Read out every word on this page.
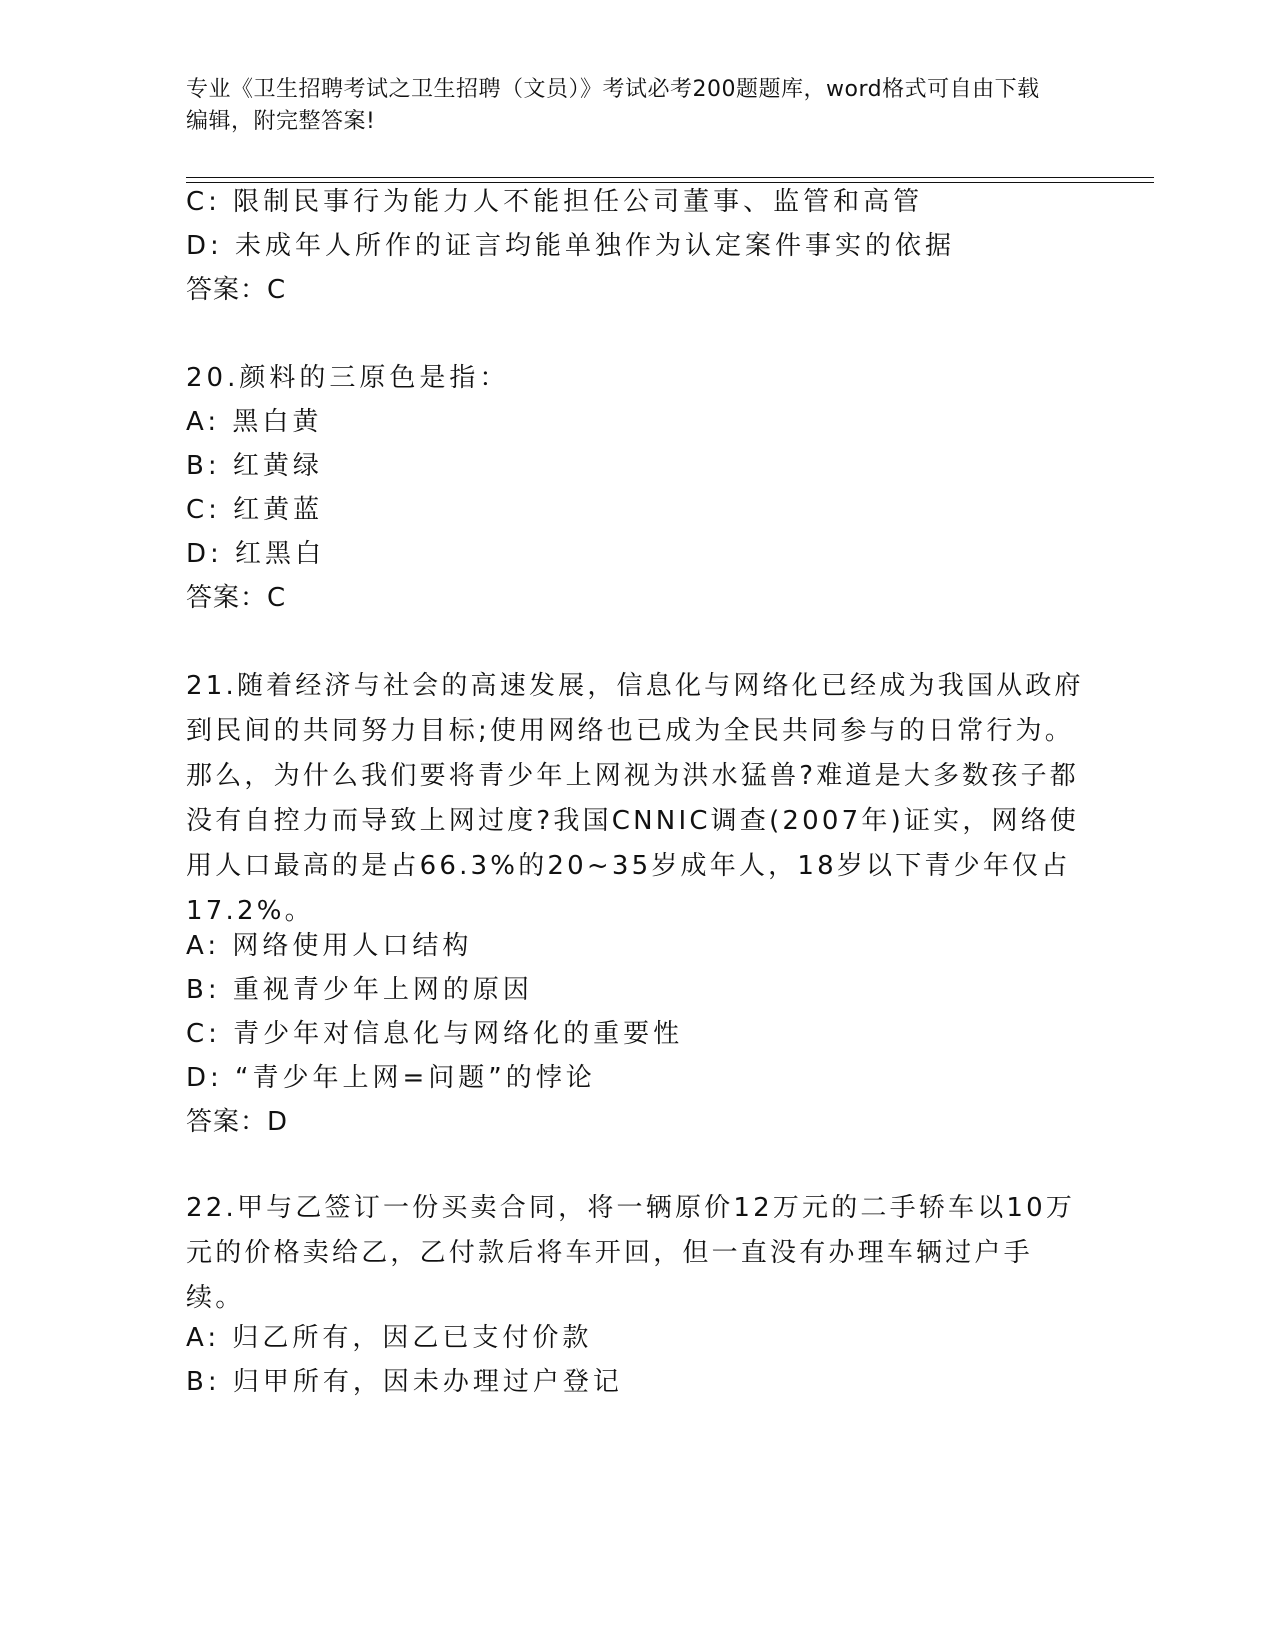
专业《卫生招聘考试之卫生招聘（文员）》考试必考200题题库，word格式可自由下载编辑，附完整答案!
C: 限制民事行为能力人不能担任公司董事、监管和高管
D: 未成年人所作的证言均能单独作为认定案件事实的依据
答案：C
20.颜料的三原色是指：
A: 黑白黄
B: 红黄绿
C: 红黄蓝
D: 红黑白
答案：C
21.随着经济与社会的高速发展，信息化与网络化已经成为我国从政府到民间的共同努力目标;使用网络也已成为全民共同参与的日常行为。那么，为什么我们要将青少年上网视为洪水猛兽?难道是大多数孩子都没有自控力而导致上网过度?我国CNNIC调查(2007年)证实，网络使用人口最高的是占66.3%的20~35岁成年人，18岁以下青少年仅占17.2%。
A: 网络使用人口结构
B: 重视青少年上网的原因
C: 青少年对信息化与网络化的重要性
D: “青少年上网=问题”的悖论
答案：D
22.甲与乙签订一份买卖合同，将一辆原价12万元的二手轿车以10万元的价格卖给乙，乙付款后将车开回，但一直没有办理车辆过户手续。
A: 归乙所有，因乙已支付价款
B: 归甲所有，因未办理过户登记
